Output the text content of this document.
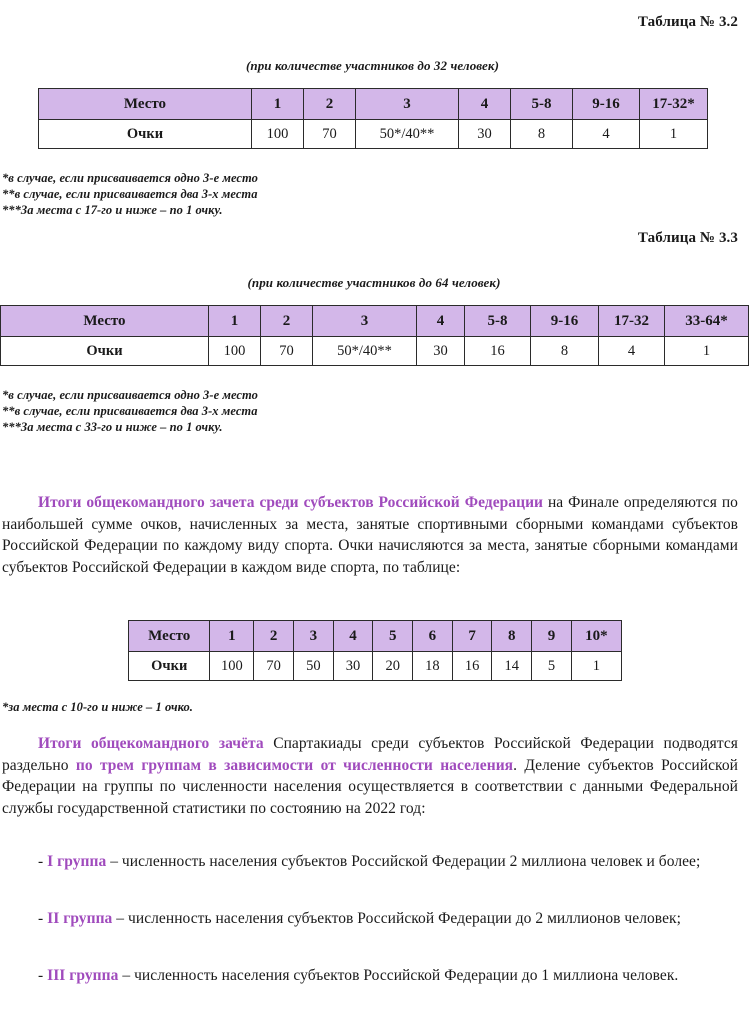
Таблица № 3.2
(при количестве участников до 32 человек)
Место	1	2	3	4	5-8	9-16	17-32*
Очки	100	70	50*/40**	30	8	4	1
*в случае, если присваивается одно 3-е место
**в случае, если присваивается два 3-х места
***За места с 17-го и ниже – по 1 очку.
Таблица № 3.3
(при количестве участников до 64 человек)
Место	1	2	3	4	5-8	9-16	17-32	33-64*
Очки	100	70	50*/40**	30	16	8	4	1
*в случае, если присваивается одно 3-е место
**в случае, если присваивается два 3-х места
***За места с 33-го и ниже – по 1 очку.
Итоги общекомандного зачета среди субъектов Российской Федерации на Финале определяются по наибольшей сумме очков, начисленных за места, занятые спортивными сборными командами субъектов Российской Федерации по каждому виду спорта. Очки начисляются за места, занятые сборными командами субъектов Российской Федерации в каждом виде спорта, по таблице:
Место	1	2	3	4	5	6	7	8	9	10*
Очки	100	70	50	30	20	18	16	14	5	1
*за места с 10-го и ниже – 1 очко.
Итоги общекомандного зачёта Спартакиады среди субъектов Российской Федерации подводятся раздельно по трем группам в зависимости от численности населения. Деление субъектов Российской Федерации на группы по численности населения осуществляется в соответствии с данными Федеральной службы государственной статистики по состоянию на 2022 год:
- I группа – численность населения субъектов Российской Федерации 2 миллиона человек и более;
- II группа – численность населения субъектов Российской Федерации до 2 миллионов человек;
- III группа – численность населения субъектов Российской Федерации до 1 миллиона человек.
